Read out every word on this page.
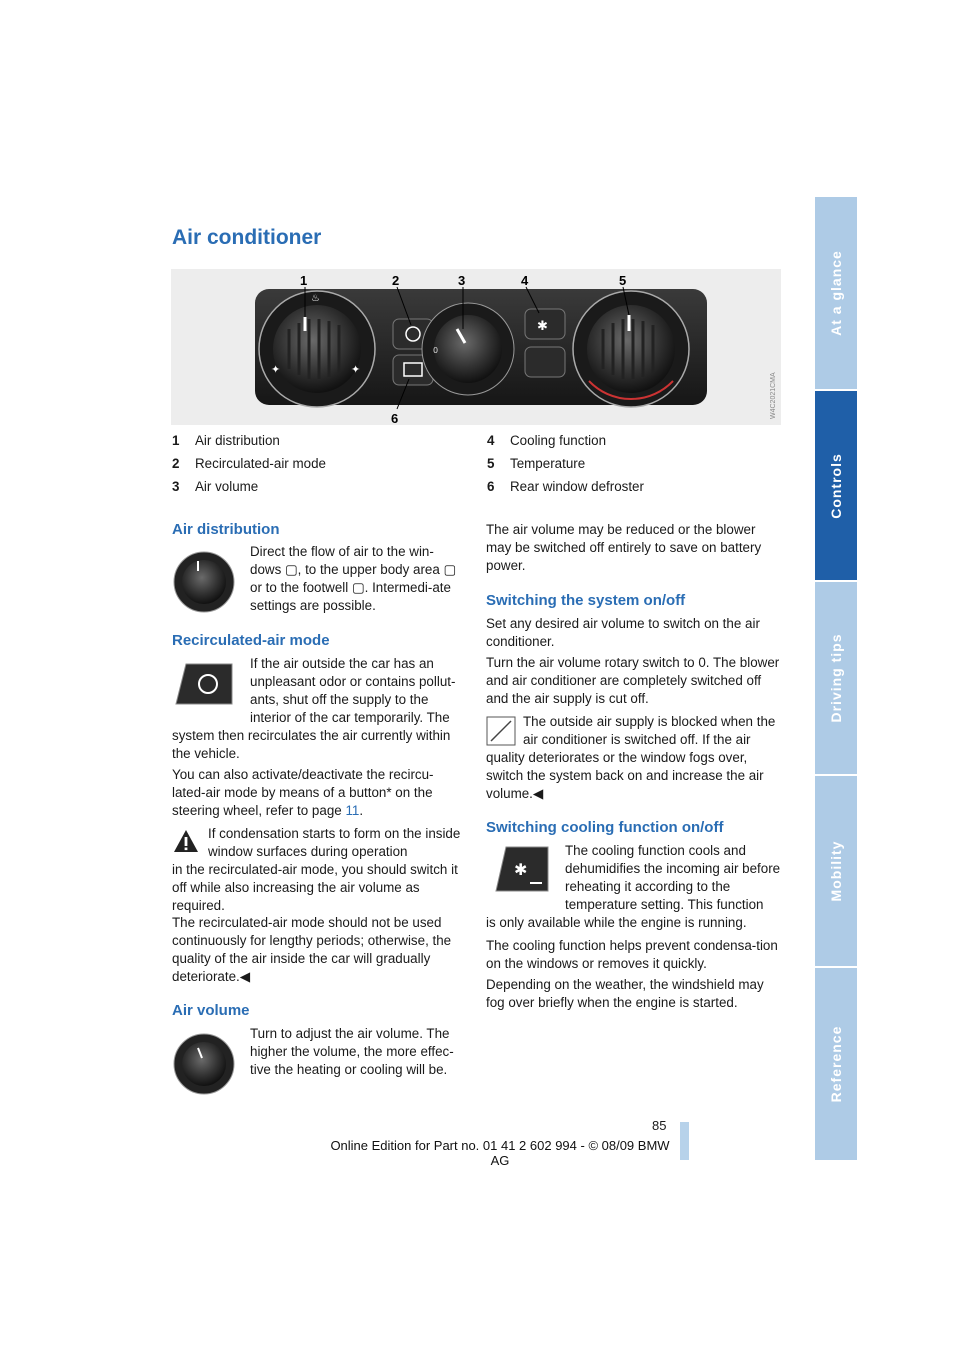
At a glance
Controls
Driving tips
Mobility
Reference
Air conditioner
✦	✦
♨
0
✱
1	2	3	4	5
6	W4C2021CMA
1 Air distribution
2 Recirculated-air mode
3 Air volume
4 Cooling function
5 Temperature
6 Rear window defroster
Air distribution

Direct the flow of air to the win-dows ▢, to the upper body area ▢ or to the footwell ▢. Intermedi-ate settings are possible.

Recirculated-air mode

If the air outside the car has an unpleasant odor or contains pollut-ants, shut off the supply to the interior of the car temporarily. The

system then recirculates the air currently within the vehicle.

You can also activate/deactivate the recircu-lated-air mode by means of a button* on the steering wheel, refer to page 11.

If condensation starts to form on the inside window surfaces during operation

in the recirculated-air mode, you should switch it off while also increasing the air volume as required.

The recirculated-air mode should not be used continuously for lengthy periods; otherwise, the quality of the air inside the car will gradually deteriorate.◀

Air volume

Turn to adjust the air volume. The higher the volume, the more effec-tive the heating or cooling will be.

The air volume may be reduced or the blower may be switched off entirely to save on battery power.

Switching the system on/off

Set any desired air volume to switch on the air conditioner.

Turn the air volume rotary switch to 0. The blower and air conditioner are completely switched off and the air supply is cut off.

The outside air supply is blocked when the air conditioner is switched off. If the air

quality deteriorates or the window fogs over, switch the system back on and increase the air volume.◀

Switching cooling function on/off
✱

The cooling function cools and dehumidifies the incoming air before reheating it according to the temperature setting. This function

is only available while the engine is running.

The cooling function helps prevent condensa-tion on the windows or removes it quickly.

Depending on the weather, the windshield may fog over briefly when the engine is started.

85
Online Edition for Part no. 01 41 2 602 994 - © 08/09 BMW AG
